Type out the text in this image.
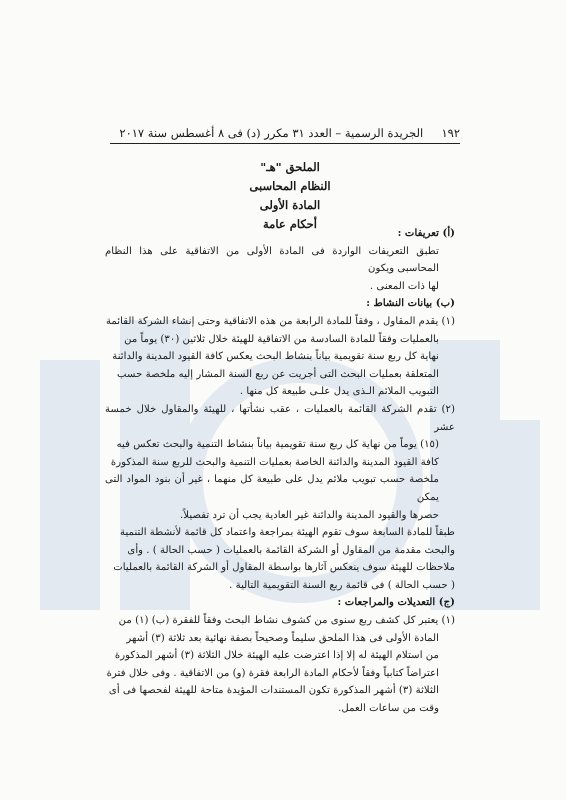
١٩٢     الجريدة الرسمية – العدد ٣١ مكرر (د) فى ٨ أغسطس سنة ٢٠١٧
الملحق "هـ"
النظام المحاسبى
المادة الأولى
أحكام عامة

(أ) تعريفات :

تطبق التعريفات الواردة فى المادة الأولى من الاتفاقية على هذا النظام المحاسبى ويكون

لها ذات المعنى .

(ب) بيانات النشاط :

(١) يقدم المقاول ، وفقاً للمادة الرابعة من هذه الاتفاقية وحتى إنشاء الشركة القائمة

بالعمليات وفقاً للمادة السادسة من الاتفاقية للهيئة خلال ثلاثين (٣٠) يوماً من

نهاية كل ربع سنة تقويمية بياناً بنشاط البحث يعكس كافة القيود المدينة والدائنة

المتعلقة بعمليات البحث التى أجريت عن ربع السنة المشار إليه ملخصة حسب

التبويب الملائم الـذى يدل علـى طبيعة كل منها .

(٢) تقدم الشركة القائمة بالعمليات ، عقب نشأتها ، للهيئة والمقاول خلال خمسة عشر

(١٥) يوماً من نهاية كل ربع سنة تقويمية بياناً بنشاط التنمية والبحث تعكس فيه

كافة القيود المدينة والدائنة الخاصة بعمليات التنمية والبحث للربع سنة المذكورة

ملخصة حسب تبويب ملائم يدل على طبيعة كل منهما ، غير أن بنود المواد التى يمكن

حصرها والقيود المدينة والدائنة غير العادية يجب أن ترد تفصيلاً.

طبقاً للمادة السابعة سوف تقوم الهيئة بمراجعة واعتماد كل قائمة لأنشطة التنمية

والبحث مقدمة من المقاول أو الشركة القائمة بالعمليات ( حسب الحالة ) . وأى

ملاحظات للهيئة سوف ينعكس آثارها بواسطة المقاول أو الشركة القائمة بالعمليات

( حسب الحالة ) فى قائمة ربع السنة التقويمية التالية .

(ج) التعديلات والمراجعات :

(١) يعتبر كل كشف ربع سنوى من كشوف نشاط البحث وفقاً للفقرة (ب) (١) من

المادة الأولى فى هذا الملحق سليماً وصحيحاً بصفة نهائية بعد ثلاثة (٣) أشهر

من استلام الهيئة له إلا إذا اعترضت عليه الهيئة خلال الثلاثة (٣) أشهر المذكورة

اعتراضاً كتابياً وفقاً لأحكام المادة الرابعة فقرة (و) من الاتفاقية . وفى خلال فترة

الثلاثة (٣) أشهر المذكورة تكون المستندات المؤيدة متاحة للهيئة لفحصها فى أى

وقت من ساعات العمل.
